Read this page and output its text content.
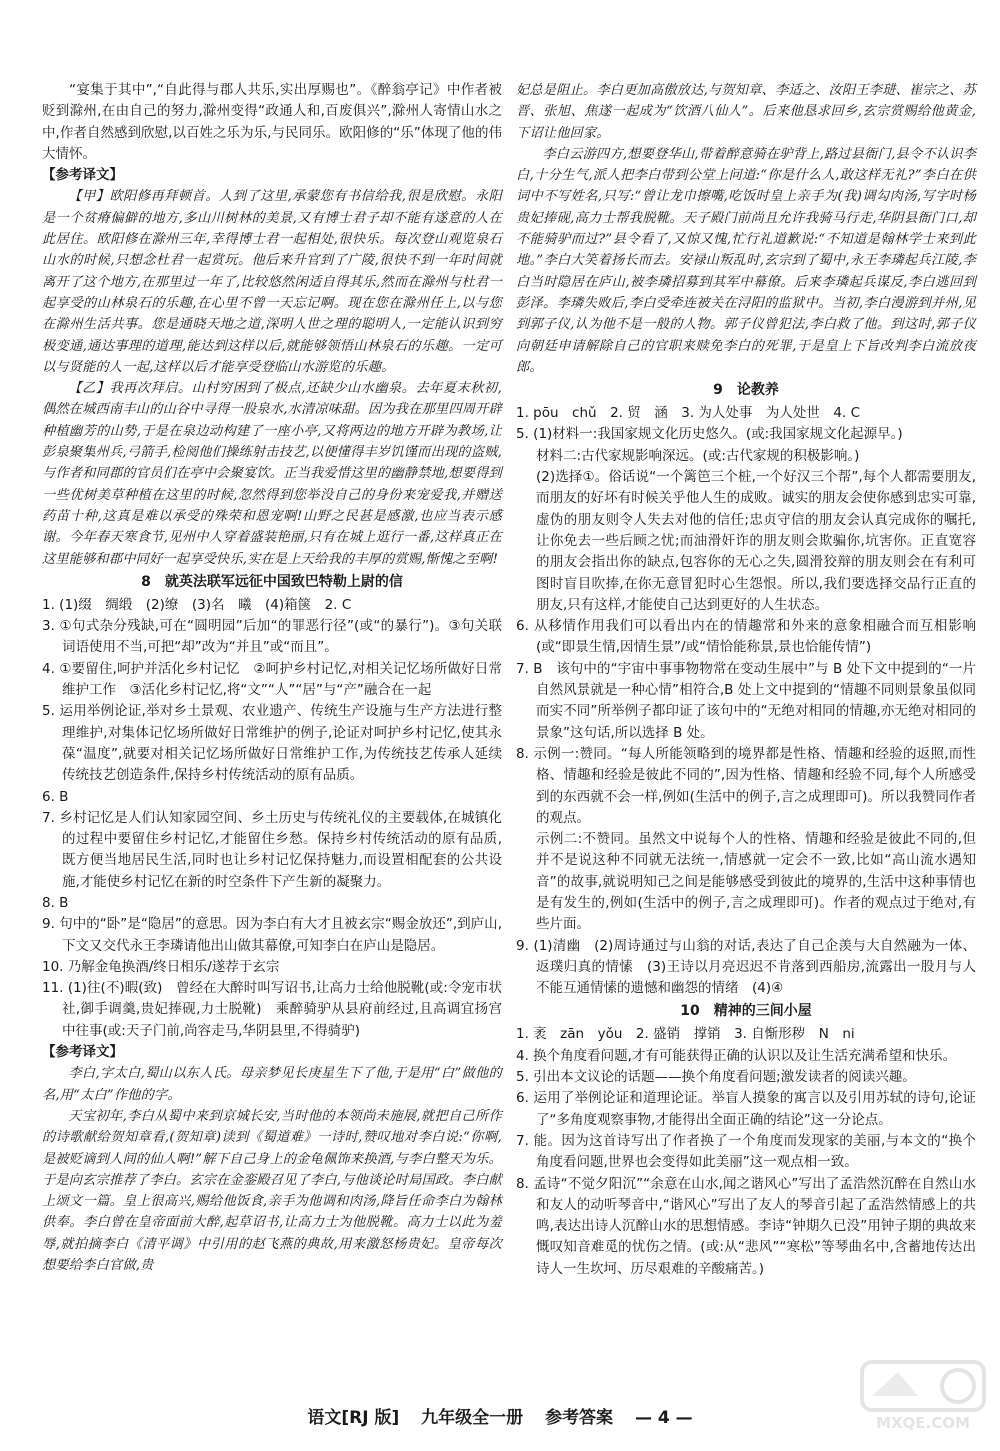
“宴集于其中”,“自此得与郡人共乐,实出厚赐也”。《醉翁亭记》中作者被贬到滁州,在由自己的努力,滁州变得“政通人和,百废俱兴”,滁州人寄情山水之中,作者自然感到欣慰,以百姓之乐为乐,与民同乐。欧阳修的“乐”体现了他的伟大情怀。

【参考译文】

【甲】欧阳修再拜顿首。人到了这里,承蒙您有书信给我,很是欣慰。永阳是一个贫瘠偏僻的地方,多山川树林的美景,又有博士君子却不能有遂意的人在此居住。欧阳修在滁州三年,幸得博士君一起相处,很快乐。每次登山观览泉石山水的时候,只想念杜君一起赏玩。他后来升官到了广陵,很快不到一年时间就离开了这个地方,在那里过一年了,比较悠然闲适自得其乐,然而在滁州与杜君一起享受的山林泉石的乐趣,在心里不曾一天忘记啊。现在您在滁州任上,以与您在滁州生活共事。您是通晓天地之道,深明人世之理的聪明人,一定能认识到穷极变通,通达事理的道理,能达到这样以后,就能够领悟山林泉石的乐趣。一定可以与贤能的人一起,这样以后才能享受登临山水游览的乐趣。

【乙】我再次拜启。山村穷困到了极点,还缺少山水幽泉。去年夏末秋初,偶然在城西南丰山的山谷中寻得一股泉水,水清凉味甜。因为我在那里四周开辟种植幽芳的山势,于是在泉边动构建了一座小亭,又将两边的地方开辟为教场,让彭泉聚集州兵,弓箭手,检阅他们操练射击技艺,以便懂得丰岁饥馑而出现的盗贼,与作者和同郡的官员们在亭中会聚宴饮。正当我爱惜这里的幽静禁地,想要得到一些优树美草种植在这里的时候,忽然得到您举没自己的身份来宠爱我,并赠送药苗十种,这真是难以承受的殊荣和恩宠啊!山野之民甚是感激,也应当表示感谢。今年春天寒食节,见州中人穿着盛装艳丽,只有在城上逛行一番,这样真正在这里能够和郡中同好一起享受快乐,实在是上天给我的丰厚的赏赐,惭愧之至啊!

8　就英法联军远征中国致巴特勒上尉的信

1. (1)缀　绸缎　(2)缭　(3)名　曦　(4)箱箧　2. C

3. ①句式杂分残缺,可在“圆明园”后加“的罪恶行径”(或“的暴行”)。③句关联词语使用不当,可把“却”改为“并且”或“而且”。

4. ①要留住,呵护并活化乡村记忆　②呵护乡村记忆,对相关记忆场所做好日常维护工作　③活化乡村记忆,将“文”“人”“居”与“产”融合在一起

5. 运用举例论证,举对乡土景观、农业遗产、传统生产设施与生产方法进行整理维护,对集体记忆场所做好日常维护的例子,论证对呵护乡村记忆,使其永葆“温度”,就要对相关记忆场所做好日常维护工作,为传统技艺传承人延续传统技艺创造条件,保持乡村传统活动的原有品质。

6. B

7. 乡村记忆是人们认知家园空间、乡土历史与传统礼仪的主要载体,在城镇化的过程中要留住乡村记忆,才能留住乡愁。保持乡村传统活动的原有品质,既方便当地居民生活,同时也让乡村记忆保持魅力,而设置相配套的公共设施,才能使乡村记忆在新的时空条件下产生新的凝聚力。

8. B

9. 句中的“卧”是“隐居”的意思。因为李白有大才且被玄宗“赐金放还”,到庐山,下文又交代永王李璘请他出山做其幕僚,可知李白在庐山是隐居。

10. 乃解金龟换酒/终日相乐/遂荐于玄宗

11. (1)往(不)暇(致)　曾经在大醉时叫写诏书,让高力士给他脱靴(或:令宠市状社,御手调羹,贵妃捧砚,力士脱靴)　乘醉骑驴从县府前经过,且高调宜扬宫中往事(或:天子门前,尚容走马,华阴县里,不得骑驴)

【参考译文】

李白,字太白,蜀山以东人氏。母亲梦见长庚星生下了他,于是用“白”做他的名,用“太白”作他的字。

天宝初年,李白从蜀中来到京城长安,当时他的本领尚未施展,就把自己所作的诗歌献给贺知章看,(贺知章)读到《蜀道难》一诗时,赞叹地对李白说:“你啊,是被贬谪到人间的仙人啊!”解下自己身上的金龟佩饰来换酒,与李白整天为乐。于是向玄宗推荐了李白。玄宗在金銮殿召见了李白,与他谈论时局国政。李白献上颂文一篇。皇上很高兴,赐给他饭食,亲手为他调和肉汤,降旨任命李白为翰林供奉。李白曾在皇帝面前大醉,起草诏书,让高力士为他脱靴。高力士以此为羞辱,就拍摘李白《清平调》中引用的赵飞燕的典故,用来激怒杨贵妃。皇帝每次想要给李白官做,贵

妃总是阻止。李白更加高傲放达,与贺知章、李适之、汝阳王李琎、崔宗之、苏晋、张旭、焦遂一起成为“饮酒八仙人”。后来他恳求回乡,玄宗赏赐给他黄金,下诏让他回家。

李白云游四方,想要登华山,带着醉意骑在驴背上,路过县衙门,县令不认识李白,十分生气,派人把李白带到公堂上问道:“你是什么人,敢这样无礼?”李白在供词中不写姓名,只写:“曾让龙巾擦嘴,吃饭时皇上亲手为(我)调勾肉汤,写字时杨贵妃捧砚,高力士帮我脱靴。天子殿门前尚且允许我骑马行走,华阴县衙门口,却不能骑驴而过?”县令看了,又惊又愧,忙行礼道歉说:“不知道是翰林学士来到此地。”李白大笑着扬长而去。安禄山叛乱时,玄宗到了蜀中,永王李璘起兵江陵,李白当时隐居在庐山,被李璘招募到其军中幕僚。后来李璘起兵谋反,李白逃回到彭泽。李璘失败后,李白受牵连被关在浔阳的监狱中。当初,李白漫游到并州,见到郭子仪,认为他不是一般的人物。郭子仪曾犯法,李白救了他。到这时,郭子仪向朝廷申请解除自己的官职来赎免李白的死罪,于是皇上下旨改判李白流放夜郎。

9　论教养

1. pōu　chǔ　2. 贸　涵　3. 为人处事　为人处世　4. C

5. (1)材料一:我国家规文化历史悠久。(或:我国家规文化起源早。)

材料二:古代家规影响深远。(或:古代家规的积极影响。)

(2)选择①。俗话说“一个篱笆三个桩,一个好汉三个帮”,每个人都需要朋友,而朋友的好坏有时候关乎他人生的成败。诚实的朋友会使你感到忠实可靠,虚伪的朋友则令人失去对他的信任;忠贞守信的朋友会认真完成你的嘱托,让你免去一些后顾之忧;而油滑奸诈的朋友则会欺骗你,坑害你。正直宽容的朋友会指出你的缺点,包容你的无心之失,圆滑狡辩的朋友则会在有利可图时盲目吹捧,在你无意冒犯时心生怨恨。所以,我们要选择交品行正直的朋友,只有这样,才能使自己达到更好的人生状态。

6. 从移情作用我们可以看出内在的情趣常和外来的意象相融合而互相影响(或“即景生情,因情生景”/或“情恰能称景,景也恰能传情”)

7. B　该句中的“宇宙中事事物物常在变动生展中”与 B 处下文中提到的“一片自然风景就是一种心情”相符合,B 处上文中提到的“情趣不同则景象虽似同而实不同”所举例子都印证了该句中的“无绝对相同的情趣,亦无绝对相同的景象”这句话,所以选择 B 处。

8. 示例一:赞同。“每人所能领略到的境界都是性格、情趣和经验的返照,而性格、情趣和经验是彼此不同的”,因为性格、情趣和经验不同,每个人所感受到的东西就不会一样,例如(生活中的例子,言之成理即可)。所以我赞同作者的观点。

示例二:不赞同。虽然文中说每个人的性格、情趣和经验是彼此不同的,但并不是说这种不同就无法统一,情感就一定会不一致,比如“高山流水遇知音”的故事,就说明知己之间是能够感受到彼此的境界的,生活中这种事情也是有发生的,例如(生活中的例子,言之成理即可)。作者的观点过于绝对,有些片面。

9. (1)清幽　(2)周诗通过与山翁的对话,表达了自己企羡与大自然融为一体、返璞归真的情愫　(3)王诗以月亮迟迟不肯落到西船房,流露出一股月与人不能互通情愫的遗憾和幽怨的情绪　(4)④

10　精神的三间小屋

1. 袤　zān　yǒu　2. 盛销　撑销　3. 自惭形秽　N　ni

4. 换个角度看问题,才有可能获得正确的认识以及让生活充满希望和快乐。

5. 引出本文议论的话题——换个角度看问题;激发读者的阅读兴趣。

6. 运用了举例论证和道理论证。举盲人摸象的寓言以及引用苏轼的诗句,论证了“多角度观察事物,才能得出全面正确的结论”这一分论点。

7. 能。因为这首诗写出了作者换了一个角度而发现家的美丽,与本文的“换个角度看问题,世界也会变得如此美丽”这一观点相一致。

8. 孟诗“不觉夕阳沉”“余意在山水,闻之谐风心”写出了孟浩然沉醉在自然山水和友人的动听琴音中,“谐风心”写出了友人的琴音引起了孟浩然情感上的共鸣,表达出诗人沉醉山水的思想情感。李诗“钟期久已没”用钟子期的典故来慨叹知音难觅的忧伤之情。(或:从“悲风”“寒松”等琴曲名中,含蓄地传达出诗人一生坎坷、历尽艰难的辛酸痛苦。)

语文[RJ 版] 九年级全一册 参考答案 — 4 —	MXQE.COM
